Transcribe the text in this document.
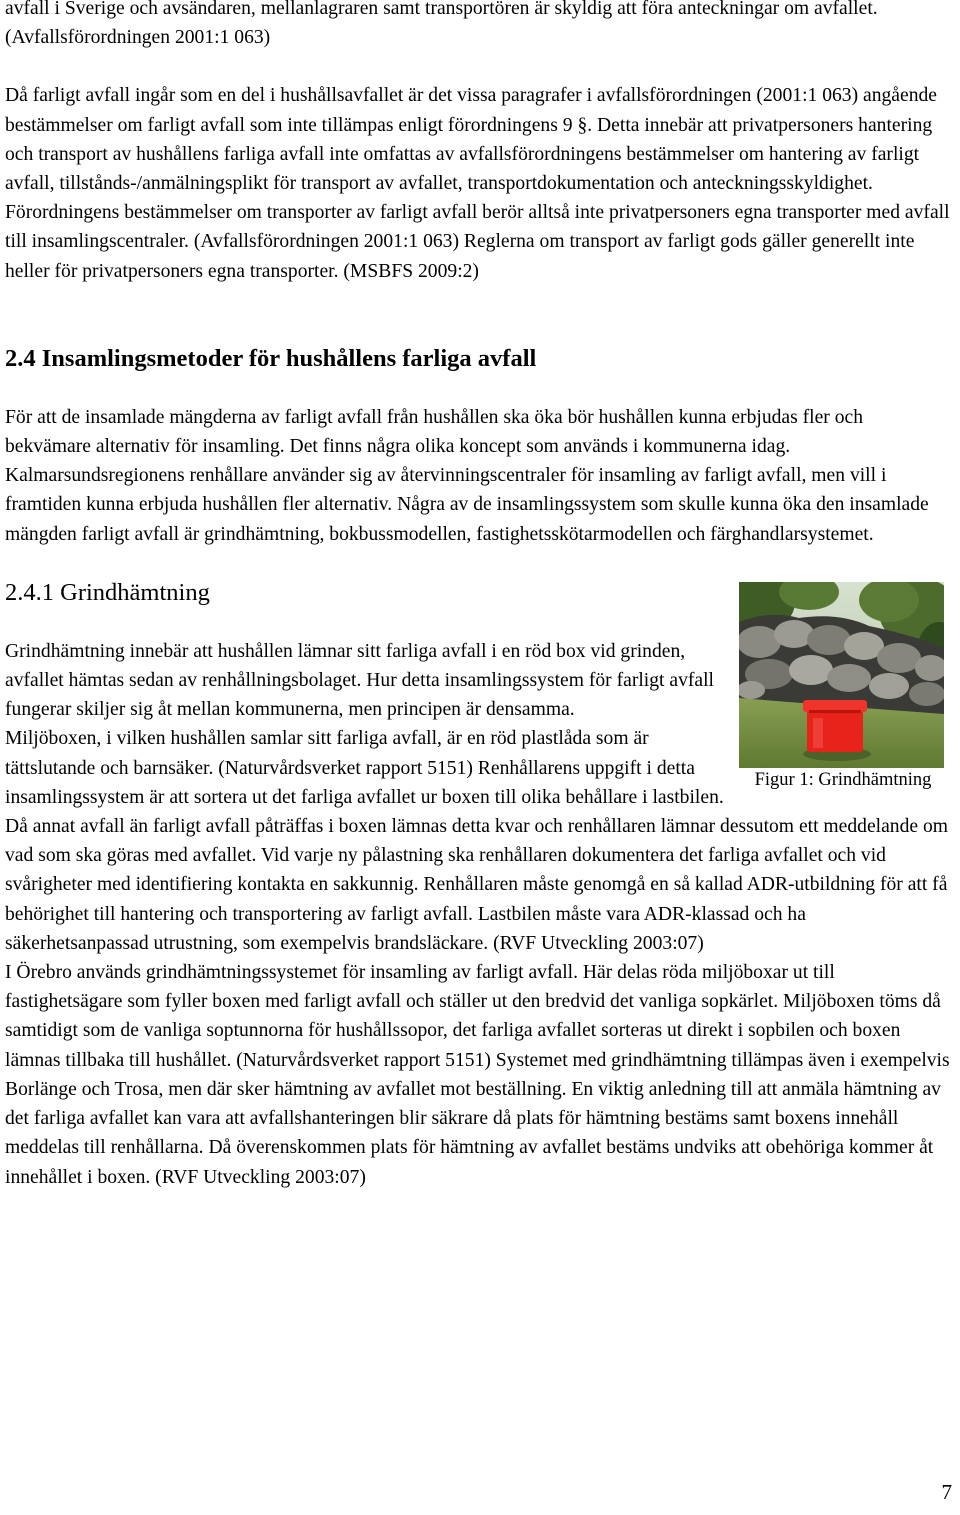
avfall i Sverige och avsändaren, mellanlagraren samt transportören är skyldig att föra anteckningar om avfallet. (Avfallsförordningen 2001:1 063)

Då farligt avfall ingår som en del i hushållsavfallet är det vissa paragrafer i avfallsförordningen (2001:1 063) angående bestämmelser om farligt avfall som inte tillämpas enligt förordningens 9 §. Detta innebär att privatpersoners hantering och transport av hushållens farliga avfall inte omfattas av avfallsförordningens bestämmelser om hantering av farligt avfall, tillstånds-/anmälningsplikt för transport av avfallet, transportdokumentation och anteckningsskyldighet. Förordningens bestämmelser om transporter av farligt avfall berör alltså inte privatpersoners egna transporter med avfall till insamlingscentraler. (Avfallsförordningen 2001:1 063) Reglerna om transport av farligt gods gäller generellt inte heller för privatpersoners egna transporter. (MSBFS 2009:2)

2.4 Insamlingsmetoder för hushållens farliga avfall

För att de insamlade mängderna av farligt avfall från hushållen ska öka bör hushållen kunna erbjudas fler och bekvämare alternativ för insamling. Det finns några olika koncept som används i kommunerna idag. Kalmarsundsregionens renhållare använder sig av återvinningscentraler för insamling av farligt avfall, men vill i framtiden kunna erbjuda hushållen fler alternativ. Några av de insamlingssystem som skulle kunna öka den insamlade mängden farligt avfall är grindhämtning, bokbussmodellen, fastighetsskötarmodellen och färghandlarsystemet.

Figur 1: Grindhämtning
2.4.1 Grindhämtning

Grindhämtning innebär att hushållen lämnar sitt farliga avfall i en röd box vid grinden, avfallet hämtas sedan av renhållningsbolaget. Hur detta insamlingssystem för farligt avfall fungerar skiljer sig åt mellan kommunerna, men principen är densamma.

Miljöboxen, i vilken hushållen samlar sitt farliga avfall, är en röd plastlåda som är tättslutande och barnsäker. (Naturvårdsverket rapport 5151) Renhållarens uppgift i detta insamlingssystem är att sortera ut det farliga avfallet ur boxen till olika behållare i lastbilen. Då annat avfall än farligt avfall påträffas i boxen lämnas detta kvar och renhållaren lämnar dessutom ett meddelande om vad som ska göras med avfallet. Vid varje ny pålastning ska renhållaren dokumentera det farliga avfallet och vid svårigheter med identifiering kontakta en sakkunnig. Renhållaren måste genomgå en så kallad ADR-utbildning för att få behörighet till hantering och transportering av farligt avfall. Lastbilen måste vara ADR-klassad och ha säkerhetsanpassad utrustning, som exempelvis brandsläckare. (RVF Utveckling 2003:07)

I Örebro används grindhämtningssystemet för insamling av farligt avfall. Här delas röda miljöboxar ut till fastighetsägare som fyller boxen med farligt avfall och ställer ut den bredvid det vanliga sopkärlet. Miljöboxen töms då samtidigt som de vanliga soptunnorna för hushållssopor, det farliga avfallet sorteras ut direkt i sopbilen och boxen lämnas tillbaka till hushållet. (Naturvårdsverket rapport 5151) Systemet med grindhämtning tillämpas även i exempelvis Borlänge och Trosa, men där sker hämtning av avfallet mot beställning. En viktig anledning till att anmäla hämtning av det farliga avfallet kan vara att avfallshanteringen blir säkrare då plats för hämtning bestäms samt boxens innehåll meddelas till renhållarna. Då överenskommen plats för hämtning av avfallet bestäms undviks att obehöriga kommer åt innehållet i boxen. (RVF Utveckling 2003:07)

7
